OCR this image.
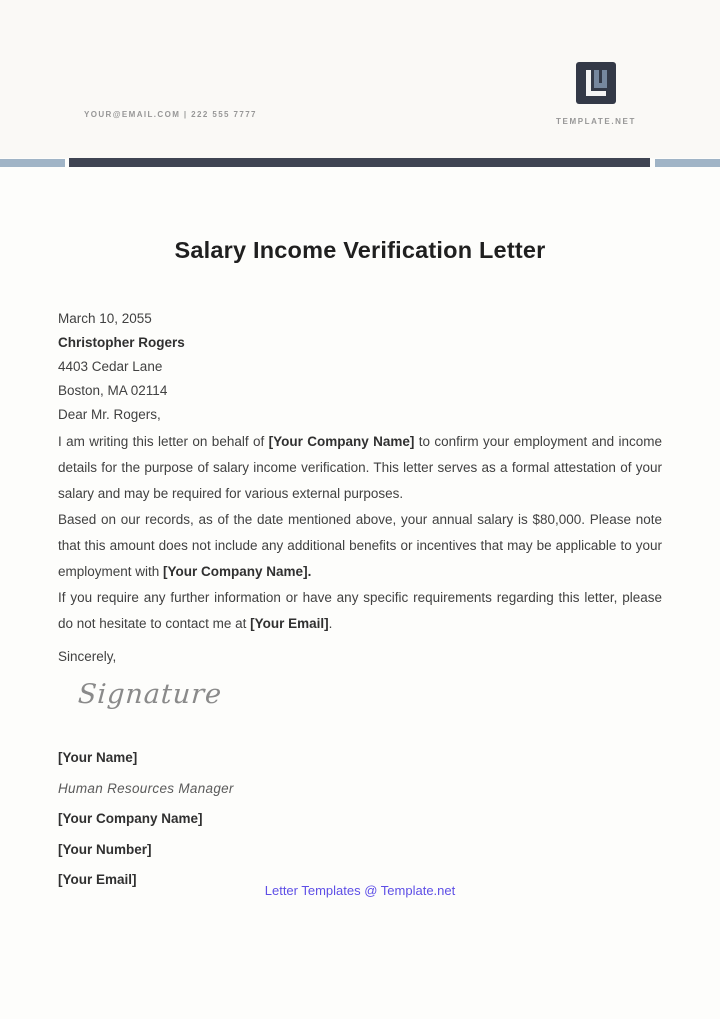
YOUR@EMAIL.COM | 222 555 7777
TEMPLATE.NET
Salary Income Verification Letter

March 10, 2055

Christopher Rogers

4403 Cedar Lane

Boston, MA 02114

Dear Mr. Rogers,

I am writing this letter on behalf of [Your Company Name] to confirm your employment and income details for the purpose of salary income verification. This letter serves as a formal attestation of your salary and may be required for various external purposes.

Based on our records, as of the date mentioned above, your annual salary is $80,000. Please note that this amount does not include any additional benefits or incentives that may be applicable to your employment with [Your Company Name].

If you require any further information or have any specific requirements regarding this letter, please do not hesitate to contact me at [Your Email].

Sincerely,

Signature

[Your Name]

Human Resources Manager

[Your Company Name]

[Your Number]

[Your Email]

Letter Templates @ Template.net
